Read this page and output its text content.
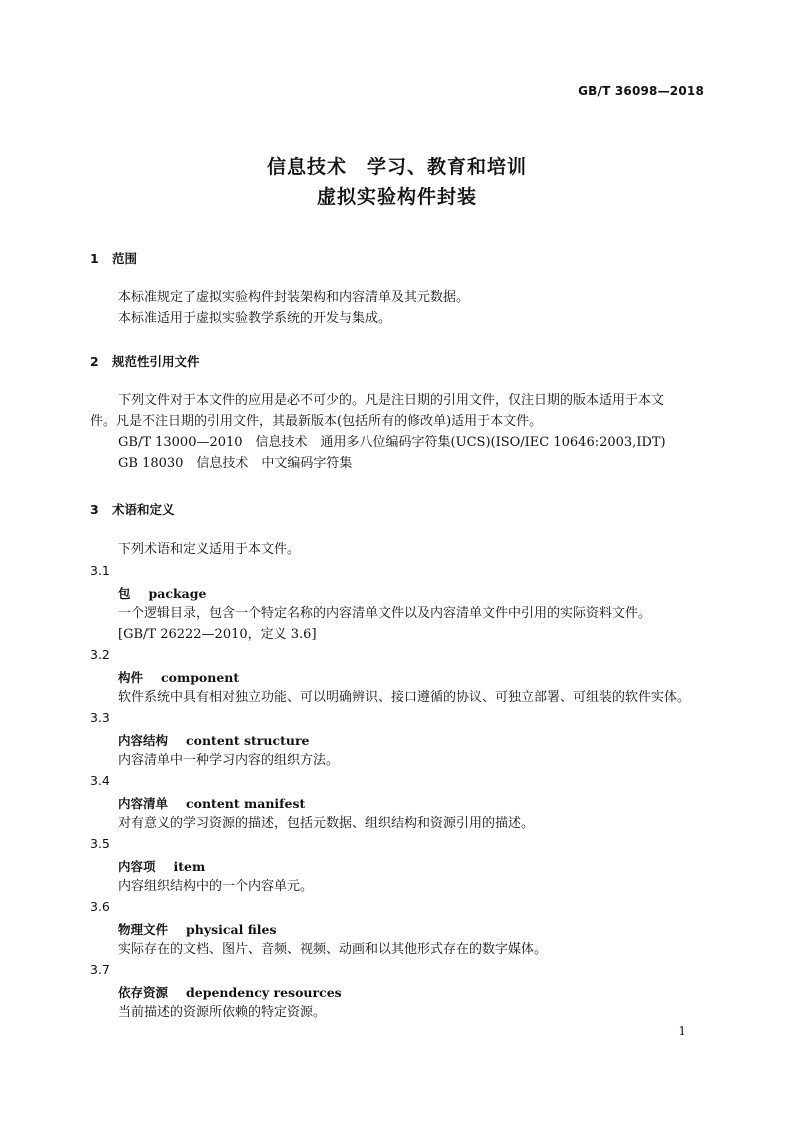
GB/T 36098—2018
信息技术　学习、教育和培训
虚拟实验构件封装
1 范围
本标准规定了虚拟实验构件封装架构和内容清单及其元数据。
本标准适用于虚拟实验教学系统的开发与集成。
2 规范性引用文件
下列文件对于本文件的应用是必不可少的。凡是注日期的引用文件，仅注日期的版本适用于本文
件。凡是不注日期的引用文件，其最新版本(包括所有的修改单)适用于本文件。
GB/T 13000—2010　信息技术　通用多八位编码字符集(UCS)(ISO/IEC 10646:2003,IDT)
GB 18030　信息技术　中文编码字符集
3 术语和定义
下列术语和定义适用于本文件。
3.1
包 package
一个逻辑目录，包含一个特定名称的内容清单文件以及内容清单文件中引用的实际资料文件。
[GB/T 26222—2010，定义 3.6]
3.2
构件 component
软件系统中具有相对独立功能、可以明确辨识、接口遵循的协议、可独立部署、可组装的软件实体。
3.3
内容结构 content structure
内容清单中一种学习内容的组织方法。
3.4
内容清单 content manifest
对有意义的学习资源的描述，包括元数据、组织结构和资源引用的描述。
3.5
内容项 item
内容组织结构中的一个内容单元。
3.6
物理文件 physical files
实际存在的文档、图片、音频、视频、动画和以其他形式存在的数字媒体。
3.7
依存资源 dependency resources
当前描述的资源所依赖的特定资源。
1
